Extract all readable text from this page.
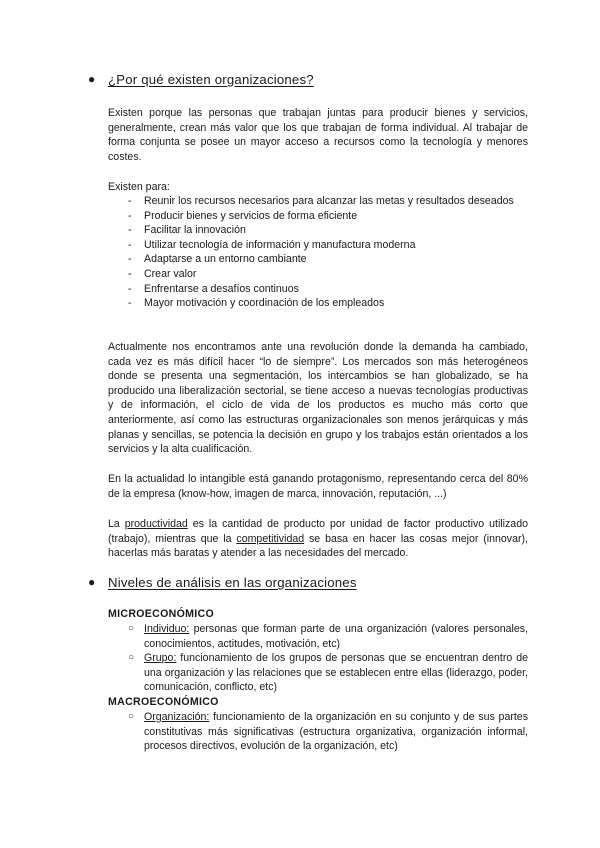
● ¿Por qué existen organizaciones?

Existen porque las personas que trabajan juntas para producir bienes y servicios, generalmente, crean más valor que los que trabajan de forma individual. Al trabajar de forma conjunta se posee un mayor acceso a recursos como la tecnología y menores costes.

Existen para:

- Reunir los recursos necesarios para alcanzar las metas y resultados deseados
- Producir bienes y servicios de forma eficiente
- Facilitar la innovación
- Utilizar tecnología de información y manufactura moderna
- Adaptarse a un entorno cambiante
- Crear valor
- Enfrentarse a desafíos continuos
- Mayor motivación y coordinación de los empleados

Actualmente nos encontramos ante una revolución donde la demanda ha cambiado, cada vez es más difícil hacer “lo de siempre”. Los mercados son más heterogéneos donde se presenta una segmentación, los intercambios se han globalizado, se ha producido una liberalización sectorial, se tiene acceso a nuevas tecnologías productivas y de información, el ciclo de vida de los productos es mucho más corto que anteriormente, así como las estructuras organizacionales son menos jerárquicas y más planas y sencillas, se potencia la decisión en grupo y los trabajos están orientados a los servicios y la alta cualificación.

En la actualidad lo intangible está ganando protagonismo, representando cerca del 80% de la empresa (know-how, imagen de marca, innovación, reputación, ...)

La productividad es la cantidad de producto por unidad de factor productivo utilizado (trabajo), mientras que la competitividad se basa en hacer las cosas mejor (innovar), hacerlas más baratas y atender a las necesidades del mercado.

● Niveles de análisis en las organizaciones
MICROECONÓMICO
○ Individuo: personas que forman parte de una organización (valores personales, conocimientos, actitudes, motivación, etc)
○ Grupo: funcionamiento de los grupos de personas que se encuentran dentro de una organización y las relaciones que se establecen entre ellas (liderazgo, poder, comunicación, conflicto, etc)
MACROECONÓMICO
○ Organización: funcionamiento de la organización en su conjunto y de sus partes constitutivas más significativas (estructura organizativa, organización informal, procesos directivos, evolución de la organización, etc)
